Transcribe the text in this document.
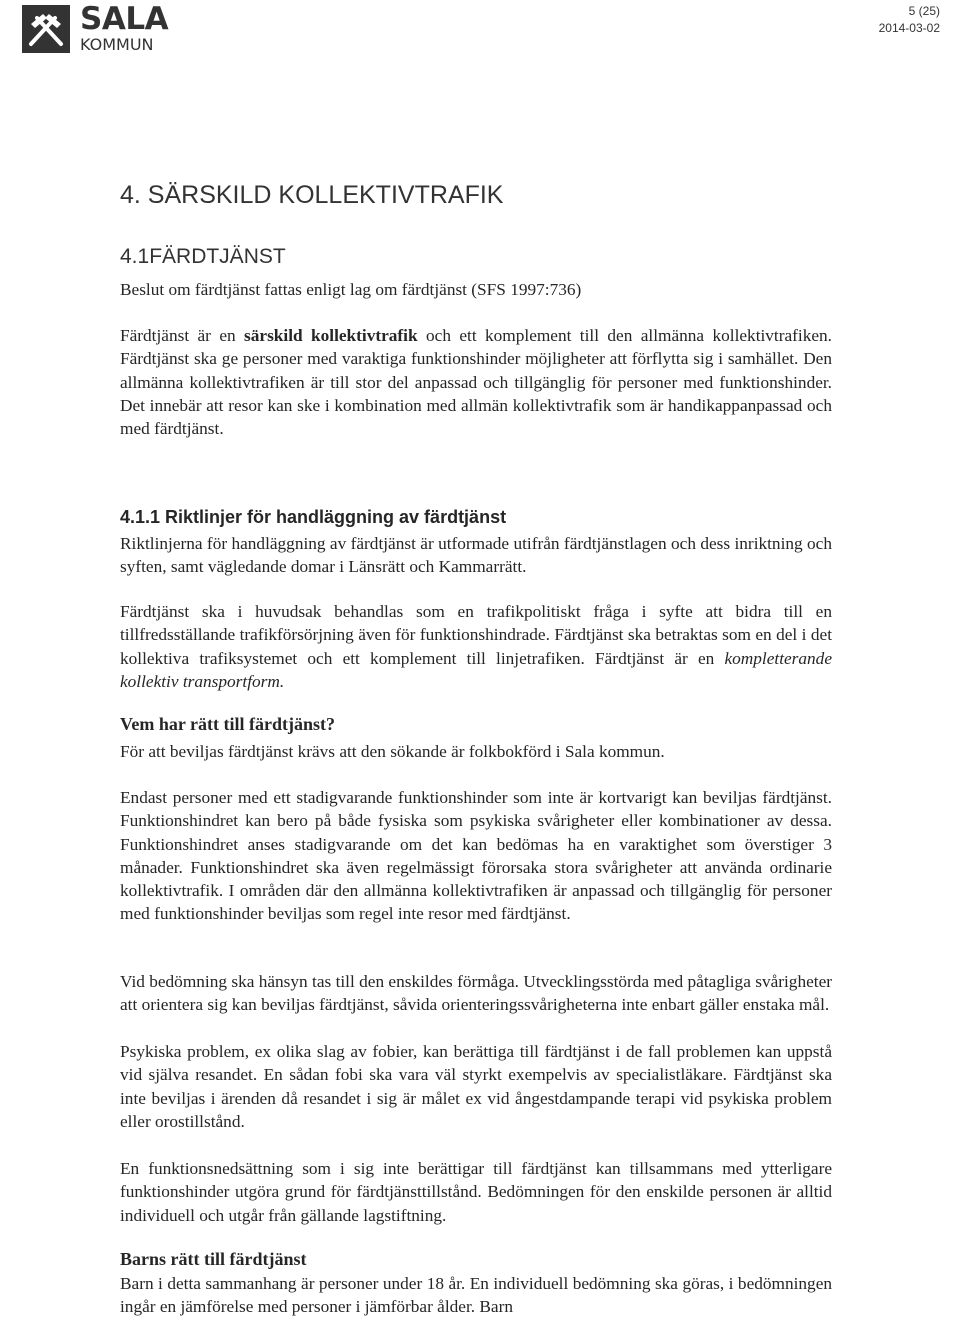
SALA
KOMMUN
5 (25)
2014-03-02
4. SÄRSKILD KOLLEKTIVTRAFIK
4.1FÄRDTJÄNST
Beslut om färdtjänst fattas enligt lag om färdtjänst (SFS 1997:736)
Färdtjänst är en särskild kollektivtrafik och ett komplement till den allmänna kollektivtrafiken. Färdtjänst ska ge personer med varaktiga funktionshinder möjligheter att förflytta sig i samhället. Den allmänna kollektivtrafiken är till stor del anpassad och tillgänglig för personer med funktionshinder. Det innebär att resor kan ske i kombination med allmän kollektivtrafik som är handikappanpassad och med färdtjänst.
4.1.1 Riktlinjer för handläggning av färdtjänst
Riktlinjerna för handläggning av färdtjänst är utformade utifrån färdtjänstlagen och dess inriktning och syften, samt vägledande domar i Länsrätt och Kammarrätt.
Färdtjänst ska i huvudsak behandlas som en trafikpolitiskt fråga i syfte att bidra till en tillfredsställande trafikförsörjning även för funktionshindrade. Färdtjänst ska betraktas som en del i det kollektiva trafiksystemet och ett komplement till linjetrafiken. Färdtjänst är en kompletterande kollektiv transportform.
Vem har rätt till färdtjänst?
För att beviljas färdtjänst krävs att den sökande är folkbokförd i Sala kommun.
Endast personer med ett stadigvarande funktionshinder som inte är kortvarigt kan beviljas färdtjänst. Funktionshindret kan bero på både fysiska som psykiska svårigheter eller kombinationer av dessa. Funktionshindret anses stadigvarande om det kan bedömas ha en varaktighet som överstiger 3 månader. Funktionshindret ska även regelmässigt förorsaka stora svårigheter att använda ordinarie kollektivtrafik. I områden där den allmänna kollektivtrafiken är anpassad och tillgänglig för personer med funktionshinder beviljas som regel inte resor med färdtjänst.
Vid bedömning ska hänsyn tas till den enskildes förmåga. Utvecklingsstörda med påtagliga svårigheter att orientera sig kan beviljas färdtjänst, såvida orienteringssvårigheterna inte enbart gäller enstaka mål.
Psykiska problem, ex olika slag av fobier, kan berättiga till färdtjänst i de fall problemen kan uppstå vid själva resandet. En sådan fobi ska vara väl styrkt exempelvis av specialistläkare. Färdtjänst ska inte beviljas i ärenden då resandet i sig är målet ex vid ångestdampande terapi vid psykiska problem eller orostillstånd.
En funktionsnedsättning som i sig inte berättigar till färdtjänst kan tillsammans med ytterligare funktionshinder utgöra grund för färdtjänsttillstånd. Bedömningen för den enskilde personen är alltid individuell och utgår från gällande lagstiftning.
Barns rätt till färdtjänst
Barn i detta sammanhang är personer under 18 år. En individuell bedömning ska göras, i bedömningen ingår en jämförelse med personer i jämförbar ålder. Barn
